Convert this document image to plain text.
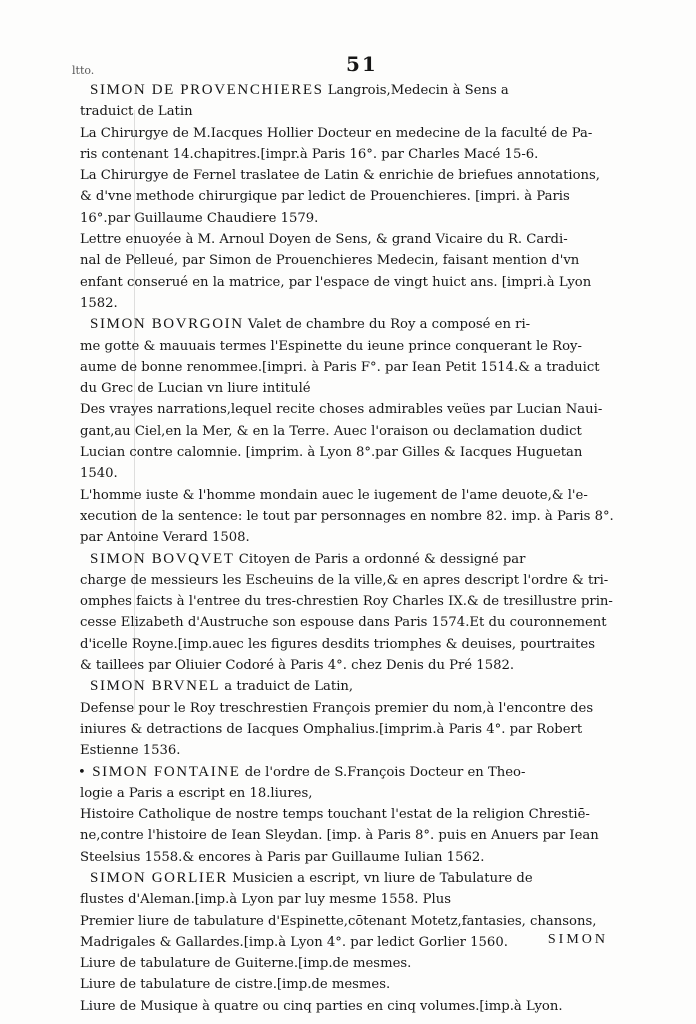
ltto.	51
SIMON DE PROVENCHIERES Langrois,Medecin à Sens a
traduict de Latin
La Chirurgye de M.Iacques Hollier Docteur en medecine de la faculté de Pa-
ris contenant 14.chapitres.[impr.à Paris 16°. par Charles Macé 15-6.
La Chirurgye de Fernel traslatee de Latin & enrichie de briefues annotations,
& d'vne methode chirurgique par ledict de Prouenchieres. [impri. à Paris
16°.par Guillaume Chaudiere 1579.
Lettre enuoyée à M. Arnoul Doyen de Sens, & grand Vicaire du R. Cardi-
nal de Pelleué, par Simon de Prouenchieres Medecin, faisant mention d'vn
enfant conserué en la matrice, par l'espace de vingt huict ans. [impri.à Lyon
1582.
SIMON BOVRGOIN Valet de chambre du Roy a composé en ri-
me gotte & mauuais termes l'Espinette du ieune prince conquerant le Roy-
aume de bonne renommee.[impri. à Paris F°. par Iean Petit 1514.& a traduict
du Grec de Lucian vn liure intitulé
Des vrayes narrations,lequel recite choses admirables veües par Lucian Naui-
gant,au Ciel,en la Mer, & en la Terre. Auec l'oraison ou declamation dudict
Lucian contre calomnie. [imprim. à Lyon 8°.par Gilles & Iacques Huguetan
1540.
L'homme iuste & l'homme mondain auec le iugement de l'ame deuote,& l'e-
xecution de la sentence: le tout par personnages en nombre 82. imp. à Paris 8°.
par Antoine Verard 1508.
SIMON BOVQVET Citoyen de Paris a ordonné & dessigné par
charge de messieurs les Escheuins de la ville,& en apres descript l'ordre & tri-
omphes faicts à l'entree du tres-chrestien Roy Charles IX.& de tresillustre prin-
cesse Elizabeth d'Austruche son espouse dans Paris 1574.Et du couronnement
d'icelle Royne.[imp.auec les figures desdits triomphes & deuises, pourtraites
& taillees par Oliuier Codoré à Paris 4°. chez Denis du Pré 1582.
SIMON BRVNEL a traduict de Latin,
Defense pour le Roy treschrestien François premier du nom,à l'encontre des
iniures & detractions de Iacques Omphalius.[imprim.à Paris 4°. par Robert
Estienne 1536.
• SIMON FONTAINE de l'ordre de S.François Docteur en Theo-
logie a Paris a escript en 18.liures,
Histoire Catholique de nostre temps touchant l'estat de la religion Chrestiē-
ne,contre l'histoire de Iean Sleydan. [imp. à Paris 8°. puis en Anuers par Iean
Steelsius 1558.& encores à Paris par Guillaume Iulian 1562.
SIMON GORLIER Musicien a escript, vn liure de Tabulature de
flustes d'Aleman.[imp.à Lyon par luy mesme 1558. Plus
Premier liure de tabulature d'Espinette,cōtenant Motetz,fantasies, chansons,
Madrigales & Gallardes.[imp.à Lyon 4°. par ledict Gorlier 1560.
Liure de tabulature de Guiterne.[imp.de mesmes.
Liure de tabulature de cistre.[imp.de mesmes.
Liure de Musique à quatre ou cinq parties en cinq volumes.[imp.à Lyon.
SIMON
